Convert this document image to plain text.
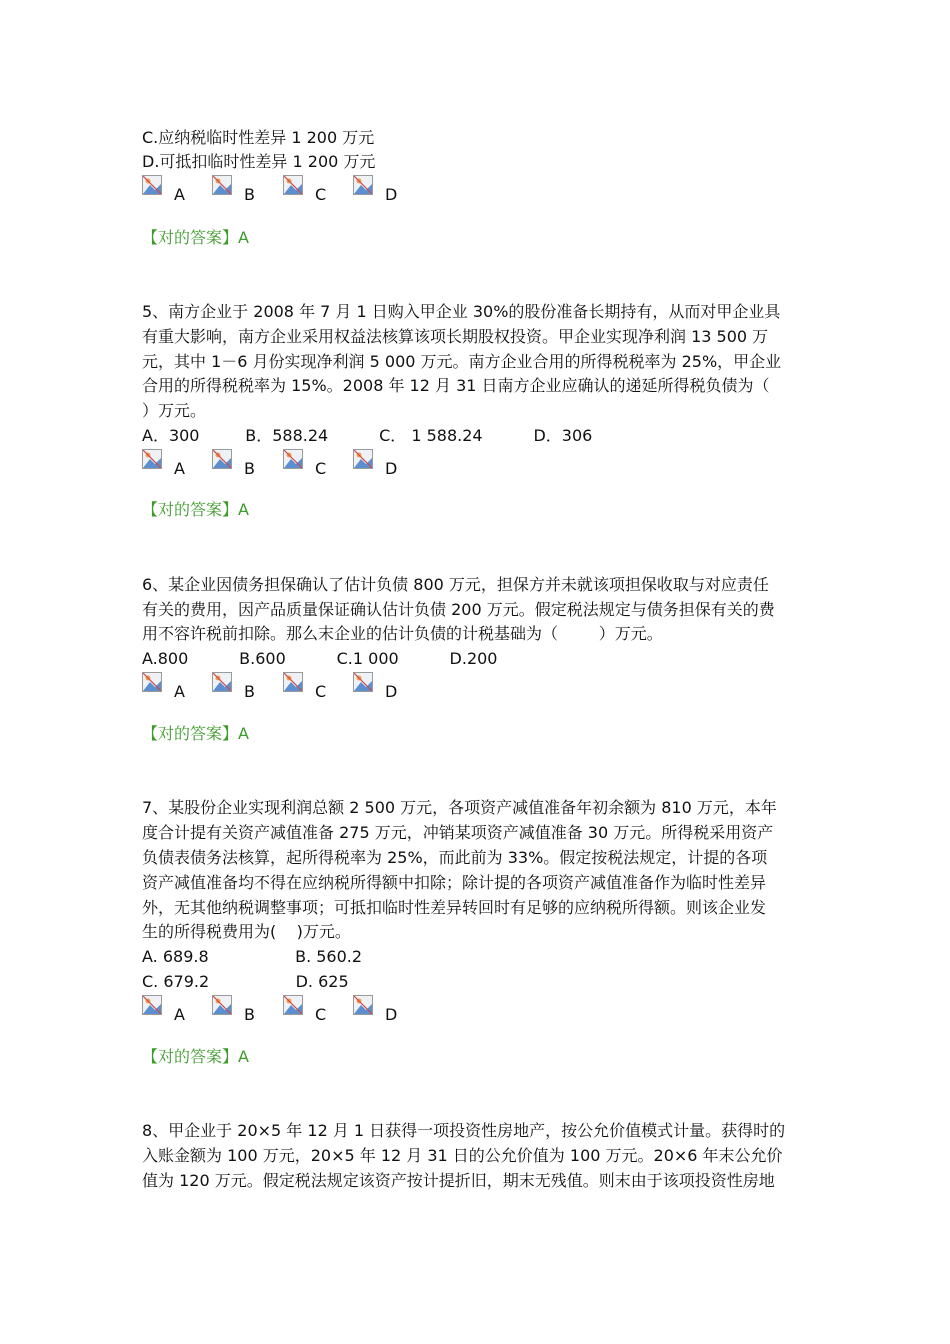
C.应纳税临时性差异 1 200 万元
D.可抵扣临时性差异 1 200 万元
A	B	C	D
【对的答案】A
5、南方企业于 2008 年 7 月 1 日购入甲企业 30%的股份准备长期持有，从而对甲企业具
有重大影响，南方企业采用权益法核算该项长期股权投资。甲企业实现净利润 13 500 万
元，其中 1－6 月份实现净利润 5 000 万元。南方企业合用的所得税税率为 25%，甲企业
合用的所得税税率为 15%。2008 年 12 月 31 日南方企业应确认的递延所得税负债为（
）万元。
A．300         B．588.24          C． 1 588.24          D．306
A	B	C	D
【对的答案】A
6、某企业因债务担保确认了估计负债 800 万元，担保方并未就该项担保收取与对应责任
有关的费用，因产品质量保证确认估计负债 200 万元。假定税法规定与债务担保有关的费
用不容许税前扣除。那么末企业的估计负债的计税基础为（        ）万元。
A.800          B.600          C.1 000          D.200
A	B	C	D
【对的答案】A
7、某股份企业实现利润总额 2 500 万元，各项资产减值准备年初余额为 810 万元，本年
度合计提有关资产减值准备 275 万元，冲销某项资产减值准备 30 万元。所得税采用资产
负债表债务法核算，起所得税率为 25%，而此前为 33%。假定按税法规定，计提的各项
资产减值准备均不得在应纳税所得额中扣除；除计提的各项资产减值准备作为临时性差异
外，无其他纳税调整事项；可抵扣临时性差异转回时有足够的应纳税所得额。则该企业发
生的所得税费用为(    )万元。
A. 689.8                 B. 560.2
C. 679.2                 D. 625
A	B	C	D
【对的答案】A
8、甲企业于 20×5 年 12 月 1 日获得一项投资性房地产，按公允价值模式计量。获得时的
入账金额为 100 万元，20×5 年 12 月 31 日的公允价值为 100 万元。20×6 年末公允价
值为 120 万元。假定税法规定该资产按计提折旧，期末无残值。则末由于该项投资性房地
